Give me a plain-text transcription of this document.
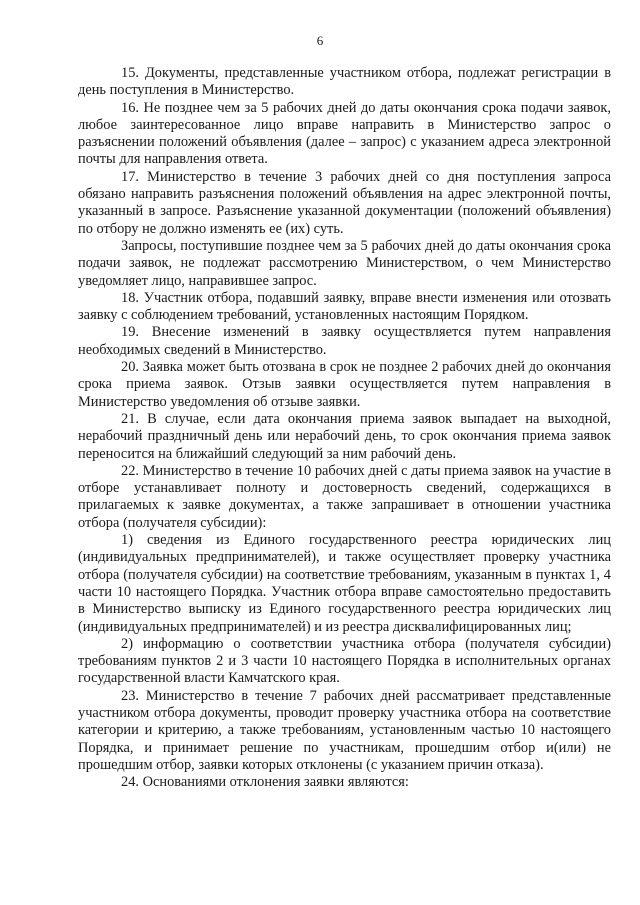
6

15. Документы, представленные участником отбора, подлежат регистрации в день поступления в Министерство.

16. Не позднее чем за 5 рабочих дней до даты окончания срока подачи заявок, любое заинтересованное лицо вправе направить в Министерство запрос о разъяснении положений объявления (далее – запрос) с указанием адреса электронной почты для направления ответа.

17. Министерство в течение 3 рабочих дней со дня поступления запроса обязано направить разъяснения положений объявления на адрес электронной почты, указанный в запросе. Разъяснение указанной документации (положений объявления) по отбору не должно изменять ее (их) суть.

Запросы, поступившие позднее чем за 5 рабочих дней до даты окончания срока подачи заявок, не подлежат рассмотрению Министерством, о чем Министерство уведомляет лицо, направившее запрос.

18. Участник отбора, подавший заявку, вправе внести изменения или отозвать заявку с соблюдением требований, установленных настоящим Порядком.

19. Внесение изменений в заявку осуществляется путем направления необходимых сведений в Министерство.

20. Заявка может быть отозвана в срок не позднее 2 рабочих дней до окончания срока приема заявок. Отзыв заявки осуществляется путем направления в Министерство уведомления об отзыве заявки.

21. В случае, если дата окончания приема заявок выпадает на выходной, нерабочий праздничный день или нерабочий день, то срок окончания приема заявок переносится на ближайший следующий за ним рабочий день.

22. Министерство в течение 10 рабочих дней с даты приема заявок на участие в отборе устанавливает полноту и достоверность сведений, содержащихся в прилагаемых к заявке документах, а также запрашивает в отношении участника отбора (получателя субсидии):

1) сведения из Единого государственного реестра юридических лиц (индивидуальных предпринимателей), и также осуществляет проверку участника отбора (получателя субсидии) на соответствие требованиям, указанным в пунктах 1, 4 части 10 настоящего Порядка. Участник отбора вправе самостоятельно предоставить в Министерство выписку из Единого государственного реестра юридических лиц (индивидуальных предпринимателей) и из реестра дисквалифицированных лиц;

2) информацию о соответствии участника отбора (получателя субсидии) требованиям пунктов 2 и 3 части 10 настоящего Порядка в исполнительных органах государственной власти Камчатского края.

23. Министерство в течение 7 рабочих дней рассматривает представленные участником отбора документы, проводит проверку участника отбора на соответствие категории и критерию, а также требованиям, установленным частью 10 настоящего Порядка, и принимает решение по участникам, прошедшим отбор и(или) не прошедшим отбор, заявки которых отклонены (с указанием причин отказа).

24. Основаниями отклонения заявки являются:
